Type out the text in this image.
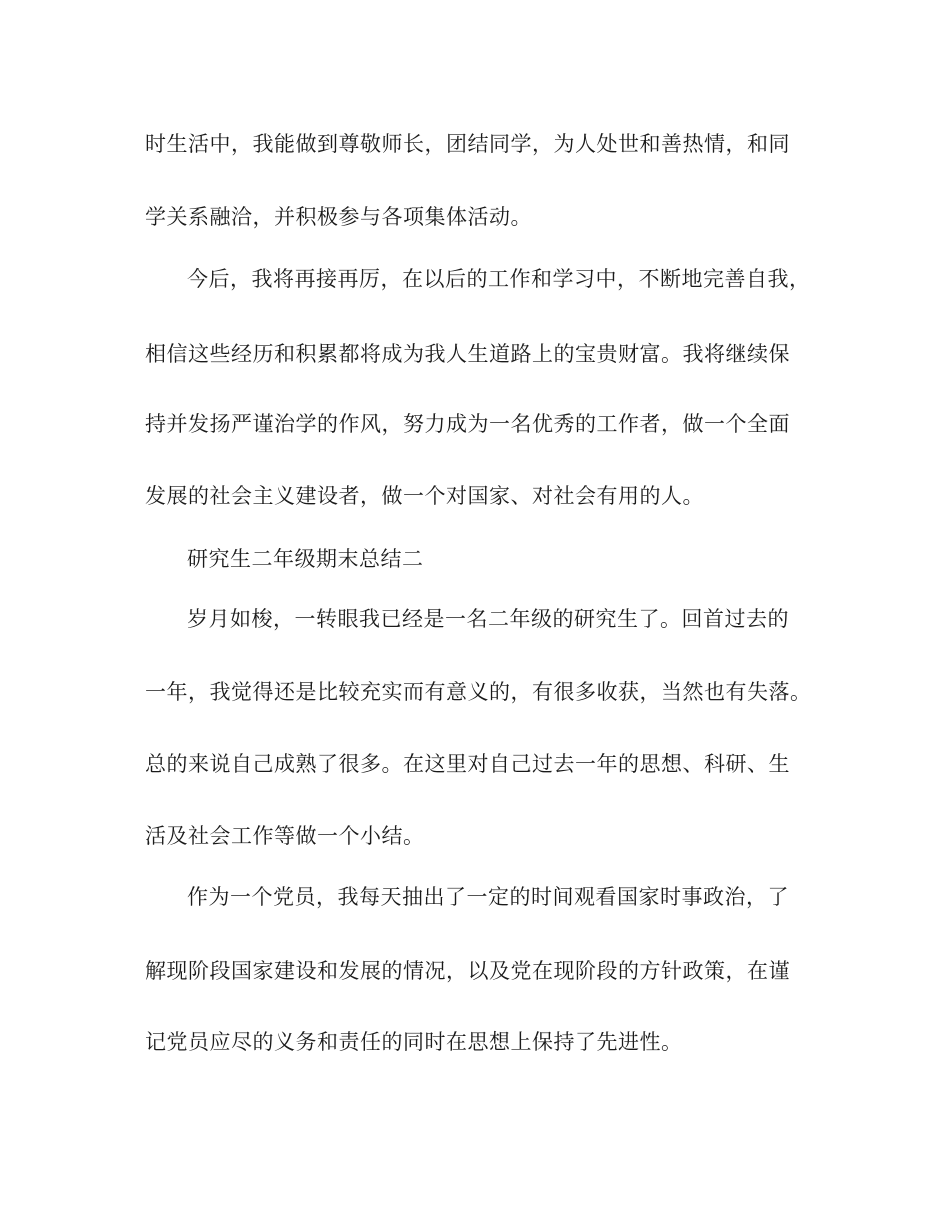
时生活中，我能做到尊敬师长，团结同学，为人处世和善热情，和同
学关系融洽，并积极参与各项集体活动。
今后，我将再接再厉，在以后的工作和学习中，不断地完善自我，
相信这些经历和积累都将成为我人生道路上的宝贵财富。我将继续保
持并发扬严谨治学的作风，努力成为一名优秀的工作者，做一个全面
发展的社会主义建设者，做一个对国家、对社会有用的人。
研究生二年级期末总结二
岁月如梭，一转眼我已经是一名二年级的研究生了。回首过去的
一年，我觉得还是比较充实而有意义的，有很多收获，当然也有失落。
总的来说自己成熟了很多。在这里对自己过去一年的思想、科研、生
活及社会工作等做一个小结。
作为一个党员，我每天抽出了一定的时间观看国家时事政治，了
解现阶段国家建设和发展的情况，以及党在现阶段的方针政策，在谨
记党员应尽的义务和责任的同时在思想上保持了先进性。
